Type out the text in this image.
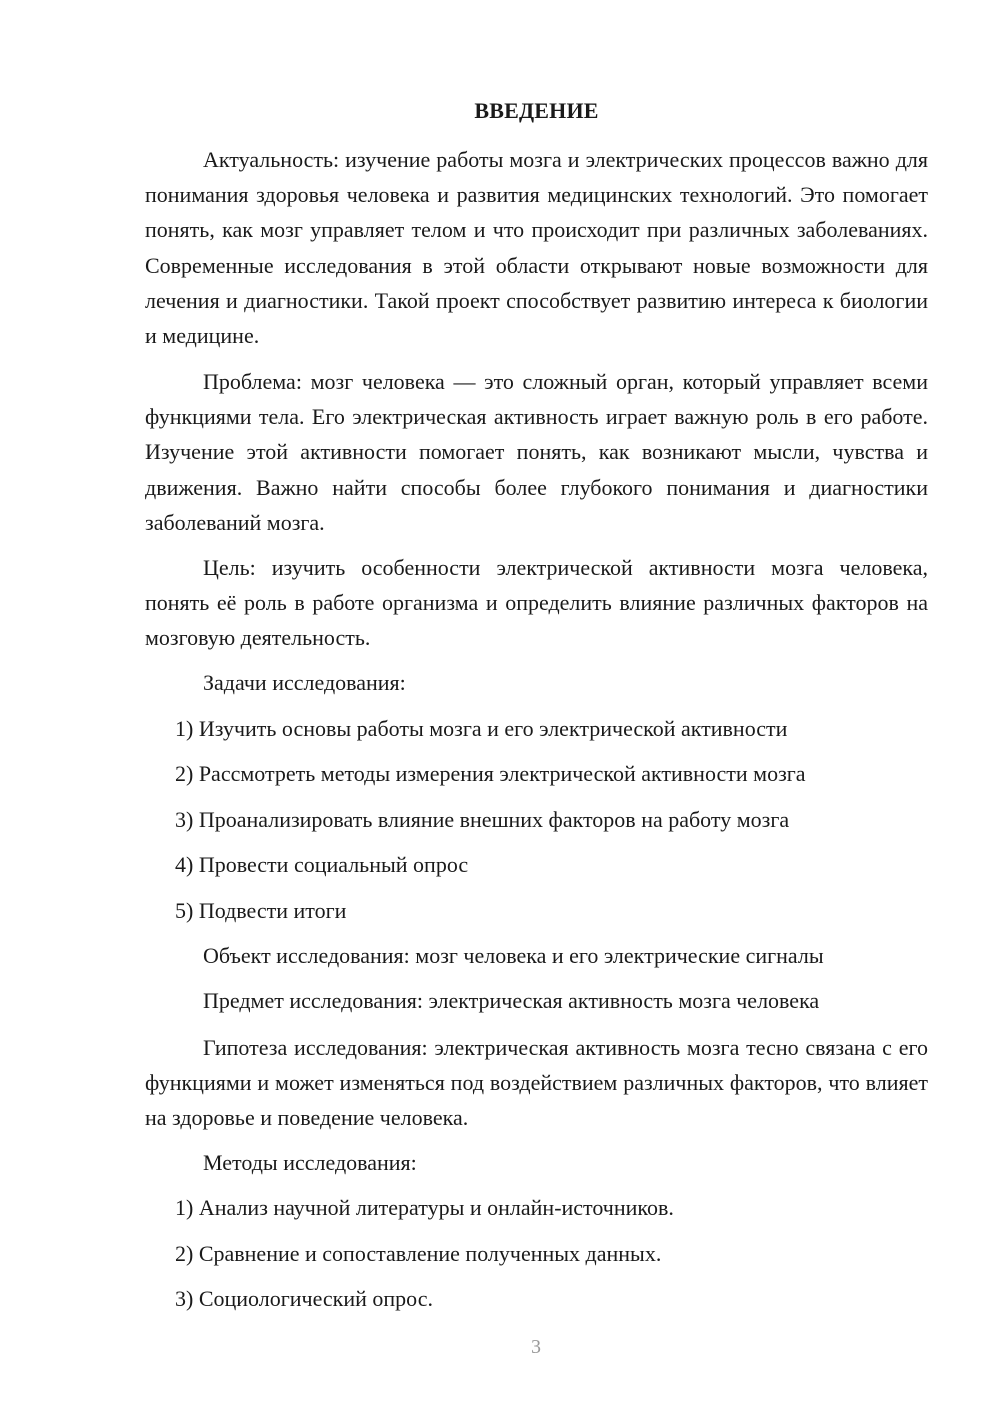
ВВЕДЕНИЕ

Актуальность: изучение работы мозга и электрических процессов важно для понимания здоровья человека и развития медицинских технологий. Это помогает понять, как мозг управляет телом и что происходит при различных заболеваниях. Современные исследования в этой области открывают новые возможности для лечения и диагностики. Такой проект способствует развитию интереса к биологии и медицине.

Проблема: мозг человека — это сложный орган, который управляет всеми функциями тела. Его электрическая активность играет важную роль в его работе. Изучение этой активности помогает понять, как возникают мысли, чувства и движения. Важно найти способы более глубокого понимания и диагностики заболеваний мозга.

Цель: изучить особенности электрической активности мозга человека, понять её роль в работе организма и определить влияние различных факторов на мозговую деятельность.

Задачи исследования:
1) Изучить основы работы мозга и его электрической активности
2) Рассмотреть методы измерения электрической активности мозга
3) Проанализировать влияние внешних факторов на работу мозга
4) Провести социальный опрос
5) Подвести итоги
Объект исследования: мозг человека и его электрические сигналы
Предмет исследования: электрическая активность мозга человека

Гипотеза исследования: электрическая активность мозга тесно связана с его функциями и может изменяться под воздействием различных факторов, что влияет на здоровье и поведение человека.

Методы исследования:
1) Анализ научной литературы и онлайн-источников.
2) Сравнение и сопоставление полученных данных.
3) Социологический опрос.
3
